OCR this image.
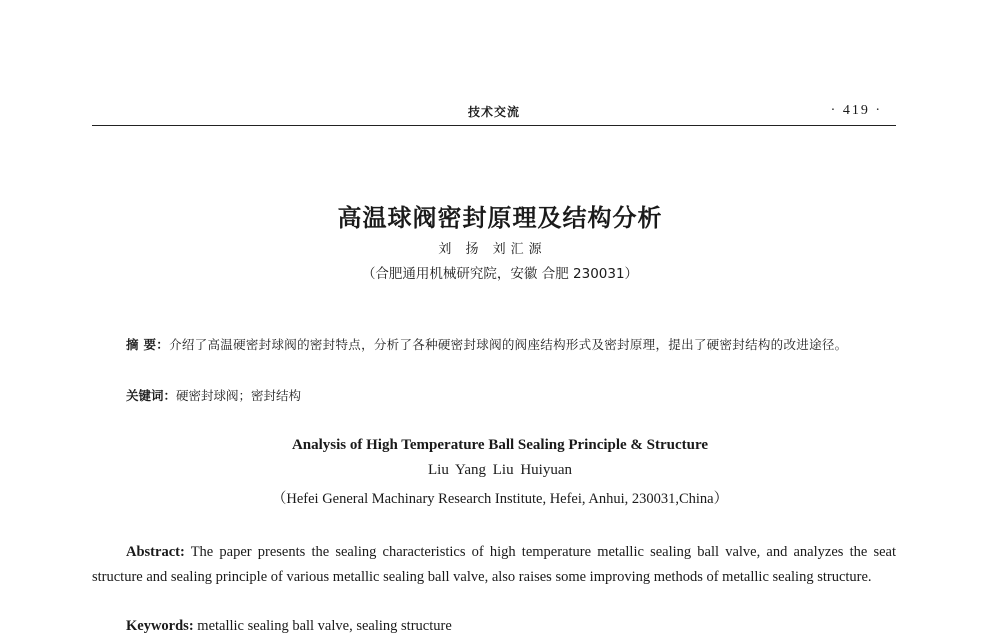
技术交流	· 419 ·
高温球阀密封原理及结构分析
刘 扬 刘汇源
（合肥通用机械研究院，安徽 合肥 230031）
摘 要：介绍了高温硬密封球阀的密封特点，分析了各种硬密封球阀的阀座结构形式及密封原理，提出了硬密封结构的改进途径。
关键词：硬密封球阀；密封结构
Analysis of High Temperature Ball Sealing Principle & Structure
Liu Yang Liu Huiyuan
（Hefei General Machinary Research Institute, Hefei, Anhui, 230031,China）
Abstract: The paper presents the sealing characteristics of high temperature metallic sealing ball valve, and analyzes the seat structure and sealing principle of various metallic sealing ball valve, also raises some improving methods of metallic sealing structure.
Keywords: metallic sealing ball valve, sealing structure
